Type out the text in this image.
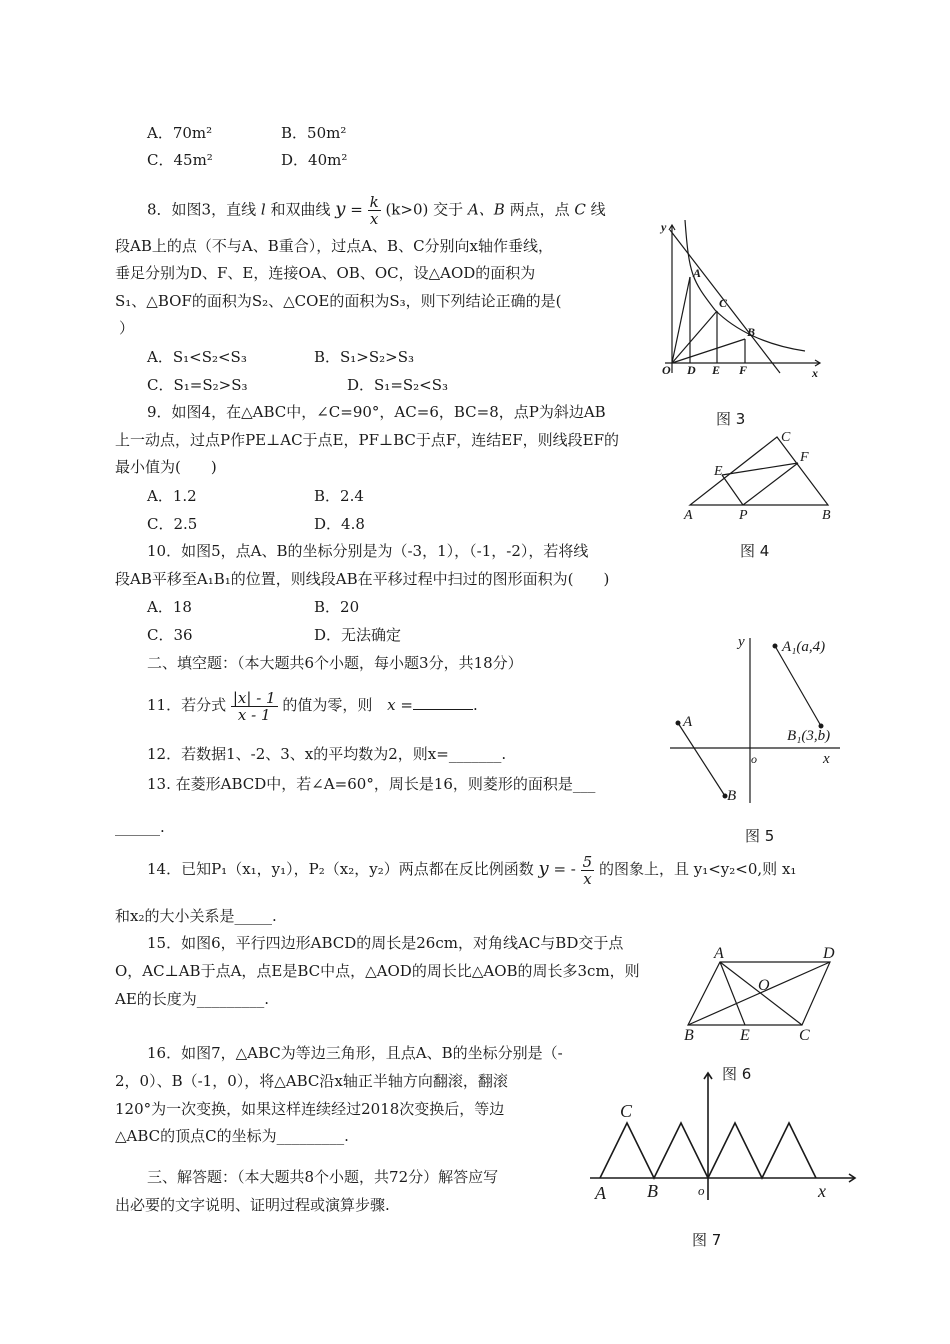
A．70m²	B．50m²
C．45m²	D．40m²
8．如图3，直线 l 和双曲线 $y = \frac{k}{x} (k>0)$ 交于 A、B 两点，点 C 线
段AB上的点（不与A、B重合），过点A、B、C分别向x轴作垂线，
垂足分别为D、F、E，连接OA、OB、OC，设△AOD的面积为
S₁、△BOF的面积为S₂、△COE的面积为S₃，则下列结论正确的是(
）
A．S₁<S₂<S₃	B．S₁>S₂>S₃
C．S₁=S₂>S₃	D．S₁=S₂<S₃
9．如图4，在△ABC中，∠C=90°，AC=6，BC=8，点P为斜边AB
上一动点，过点P作PE⊥AC于点E，PF⊥BC于点F，连结EF，则线段EF的
最小值为(　　)
A．1.2	B．2.4
C．2.5	D．4.8
10．如图5，点A、B的坐标分别是为（-3，1），（-1，-2），若将线
段AB平移至A₁B₁的位置，则线段AB在平移过程中扫过的图形面积为(　　)
A．18	B．20
C．36	D．无法确定
二、填空题：（本大题共6个小题，每小题3分，共18分）
11．若分式 $\frac{|x| - 1}{x - 1}$ 的值为零，则 x =	.
12．若数据1、-2、3、x的平均数为2，则x=_______.
13. 在菱形ABCD中，若∠A=60°，周长是16，则菱形的面积是___
______.
14．已知P₁（x₁，y₁），P₂（x₂，y₂）两点都在反比例函数 y = - $\frac{5}{x}$ 的图象上，且 y₁<y₂<0,则 x₁
和x₂的大小关系是_____.
15．如图6，平行四边形ABCD的周长是26cm，对角线AC与BD交于点
O，AC⊥AB于点A，点E是BC中点，△AOD的周长比△AOB的周长多3cm，则
AE的长度为_________.
16．如图7，△ABC为等边三角形，且点A、B的坐标分别是（-
2，0）、B（-1，0），将△ABC沿x轴正半轴方向翻滚，翻滚
120°为一次变换，如果这样连续经过2018次变换后，等边
△ABC的顶点C的坐标为_________.
三、解答题：（本大题共8个小题，共72分）解答应写
出必要的文字说明、证明过程或演算步骤.
y
x
O D E F
A
C
B
图 3
A	B
C
E
F
P
图 4
y
x
o
A
B
A₁(a,4)
B₁(3,b)
图 5
A	D
B	C
E
O
图 6
C
A B	o	x
图 7
